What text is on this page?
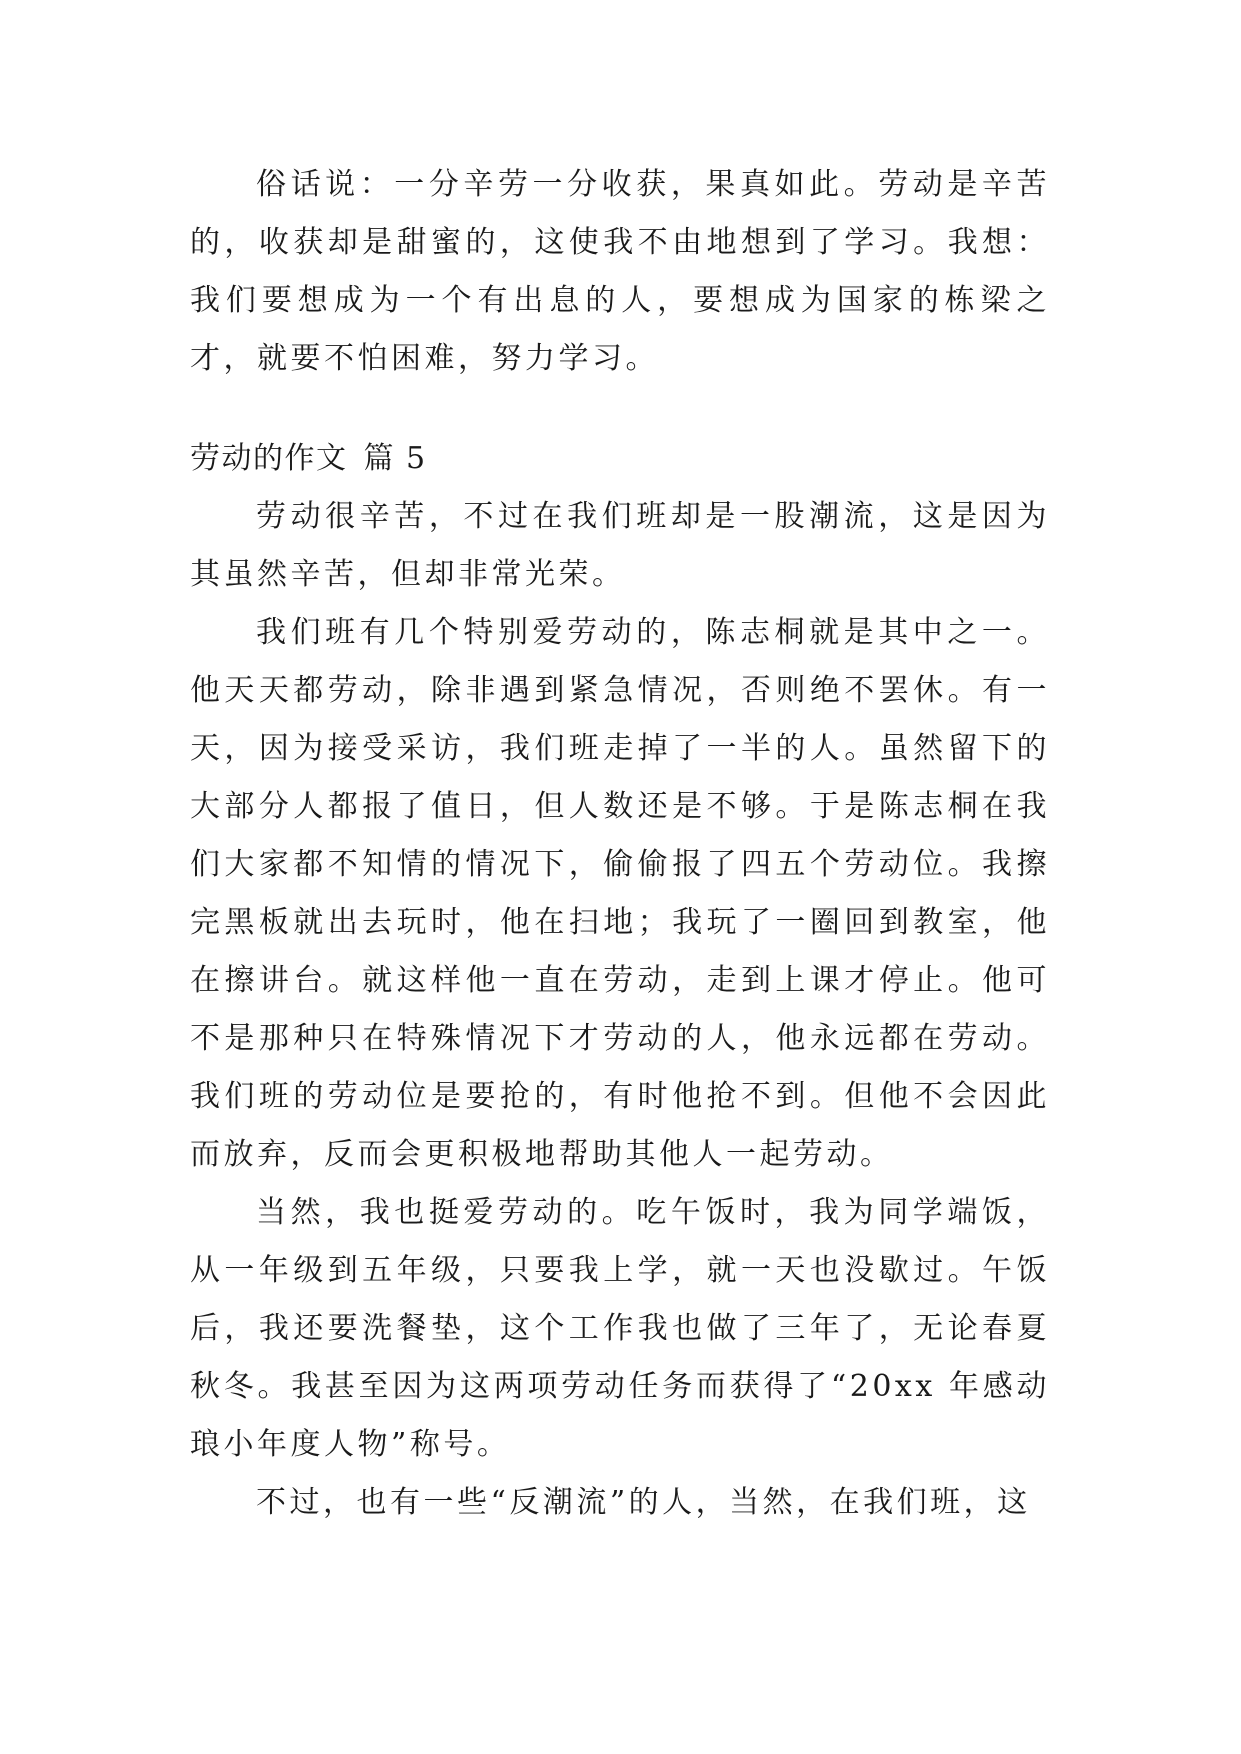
俗话说：一分辛劳一分收获，果真如此。劳动是辛苦的，收获却是甜蜜的，这使我不由地想到了学习。我想：我们要想成为一个有出息的人，要想成为国家的栋梁之才，就要不怕困难，努力学习。

劳动的作文 篇 5

劳动很辛苦，不过在我们班却是一股潮流，这是因为其虽然辛苦，但却非常光荣。

我们班有几个特别爱劳动的，陈志桐就是其中之一。他天天都劳动，除非遇到紧急情况，否则绝不罢休。有一天，因为接受采访，我们班走掉了一半的人。虽然留下的大部分人都报了值日，但人数还是不够。于是陈志桐在我们大家都不知情的情况下，偷偷报了四五个劳动位。我擦完黑板就出去玩时，他在扫地；我玩了一圈回到教室，他在擦讲台。就这样他一直在劳动，走到上课才停止。他可不是那种只在特殊情况下才劳动的人，他永远都在劳动。我们班的劳动位是要抢的，有时他抢不到。但他不会因此而放弃，反而会更积极地帮助其他人一起劳动。

当然，我也挺爱劳动的。吃午饭时，我为同学端饭，从一年级到五年级，只要我上学，就一天也没歇过。午饭后，我还要洗餐垫，这个工作我也做了三年了，无论春夏秋冬。我甚至因为这两项劳动任务而获得了“20xx 年感动琅小年度人物”称号。

不过，也有一些“反潮流”的人，当然，在我们班，这
